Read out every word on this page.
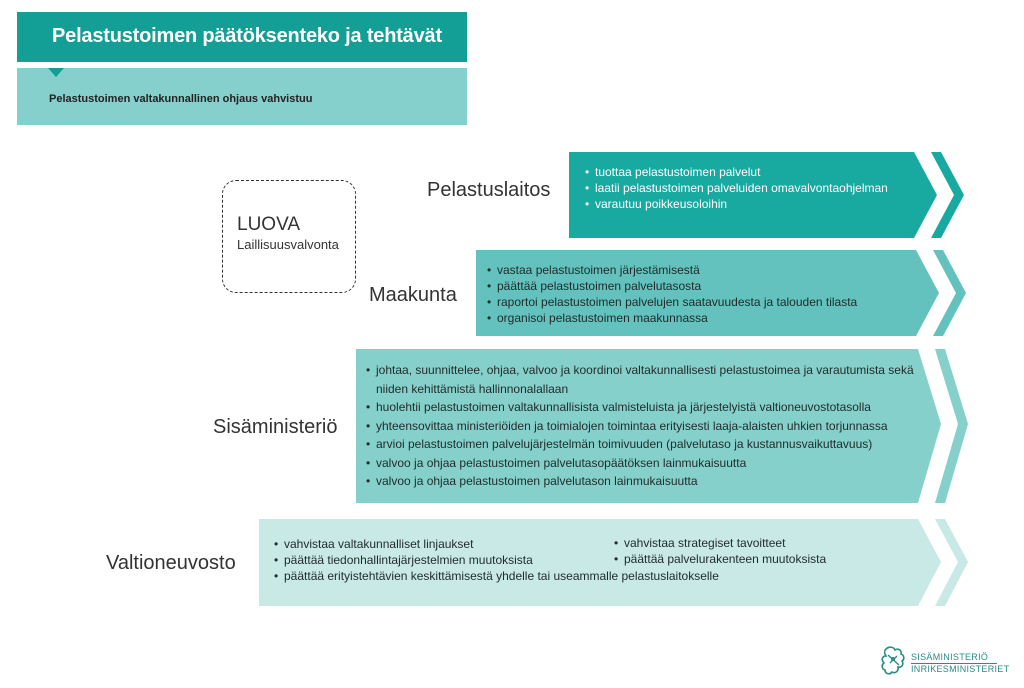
Pelastustoimen päätöksenteko ja tehtävät
Pelastustoimen valtakunnallinen ohjaus vahvistuu
LUOVA
Laillisuusvalvonta
Pelastuslaitos
Maakunta
Sisäministeriö
Valtioneuvosto
• tuottaa pelastustoimen palvelut
• laatii pelastustoimen palveluiden omavalvontaohjelman
• varautuu poikkeusoloihin
• vastaa pelastustoimen järjestämisestä
• päättää pelastustoimen palvelutasosta
• raportoi pelastustoimen palvelujen saatavuudesta ja talouden tilasta
• organisoi pelastustoimen maakunnassa
• johtaa, suunnittelee, ohjaa, valvoo ja koordinoi valtakunnallisesti pelastustoimea ja varautumista sekä niiden kehittämistä hallinnonalallaan
• huolehtii pelastustoimen valtakunnallisista valmisteluista ja järjestelyistä valtioneuvostotasolla
• yhteensovittaa ministeriöiden ja toimialojen toimintaa erityisesti laaja-alaisten uhkien torjunnassa
• arvioi pelastustoimen palvelujärjestelmän toimivuuden (palvelutaso ja kustannusvaikuttavuus)
• valvoo ja ohjaa pelastustoimen palvelutasopäätöksen lainmukaisuutta
• valvoo ja ohjaa pelastustoimen palvelutason lainmukaisuutta
• vahvistaa valtakunnalliset linjaukset
• päättää tiedonhallintajärjestelmien muutoksista
• päättää erityistehtävien keskittämisestä yhdelle tai useammalle pelastuslaitokselle
• vahvistaa strategiset tavoitteet
• päättää palvelurakenteen muutoksista
SISÄMINISTERIÖ
INRIKESMINISTERIET
